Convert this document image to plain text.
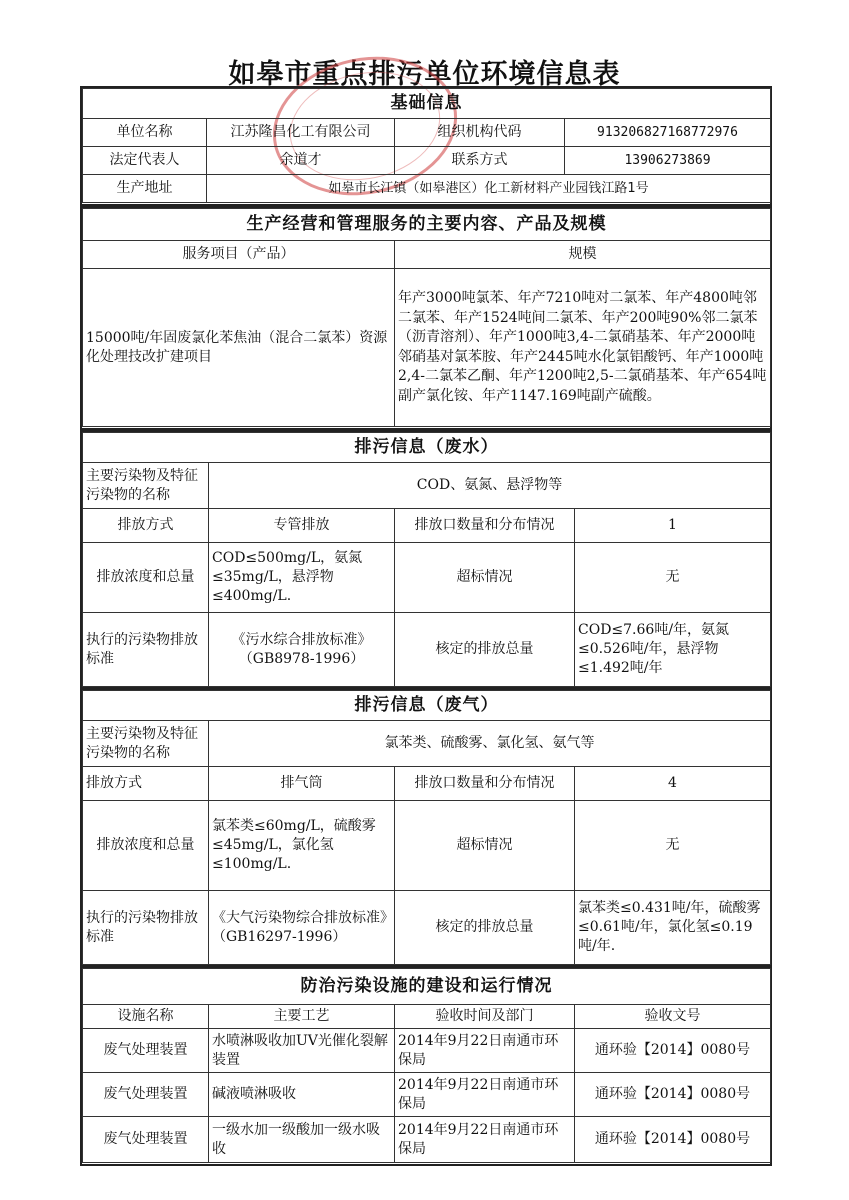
如皋市重点排污单位环境信息表
基础信息			
单位名称	江苏隆昌化工有限公司	组织机构代码	913206827168772976
法定代表人	余道才	联系方式	13906273869
生产地址	如皋市长江镇（如皋港区）化工新材料产业园钱江路1号		
生产经营和管理服务的主要内容、产品及规模	
服务项目（产品）	规模
15000吨/年固废氯化苯焦油（混合二氯苯）资源化处理技改扩建项目	年产3000吨氯苯、年产7210吨对二氯苯、年产4800吨邻二氯苯、年产1524吨间二氯苯、年产200吨90%邻二氯苯（沥青溶剂）、年产1000吨3,4-二氯硝基苯、年产2000吨邻硝基对氯苯胺、年产2445吨水化氯铝酸钙、年产1000吨2,4-二氯苯乙酮、年产1200吨2,5-二氯硝基苯、年产654吨副产氯化铵、年产1147.169吨副产硫酸。
排污信息（废水）			
主要污染物及特征污染物的名称	COD、氨氮、悬浮物等		
排放方式	专管排放	排放口数量和分布情况	1
排放浓度和总量	COD≤500mg/L，氨氮≤35mg/L，悬浮物≤400mg/L.	超标情况	无
执行的污染物排放标准	《污水综合排放标准》（GB8978-1996）	核定的排放总量	COD≤7.66吨/年，氨氮≤0.526吨/年，悬浮物≤1.492吨/年
排污信息（废气）			
主要污染物及特征污染物的名称	氯苯类、硫酸雾、氯化氢、氨气等		
排放方式	排气筒	排放口数量和分布情况	4
排放浓度和总量	氯苯类≤60mg/L，硫酸雾≤45mg/L，氯化氢≤100mg/L.	超标情况	无
执行的污染物排放标准	《大气污染物综合排放标准》（GB16297-1996）	核定的排放总量	氯苯类≤0.431吨/年，硫酸雾≤0.61吨/年，氯化氢≤0.19吨/年.
防治污染设施的建设和运行情况			
设施名称	主要工艺	验收时间及部门	验收文号
废气处理装置	水喷淋吸收加UV光催化裂解装置	2014年9月22日南通市环保局	通环验【2014】0080号
废气处理装置	碱液喷淋吸收	2014年9月22日南通市环保局	通环验【2014】0080号
废气处理装置	一级水加一级酸加一级水吸收	2014年9月22日南通市环保局	通环验【2014】0080号
